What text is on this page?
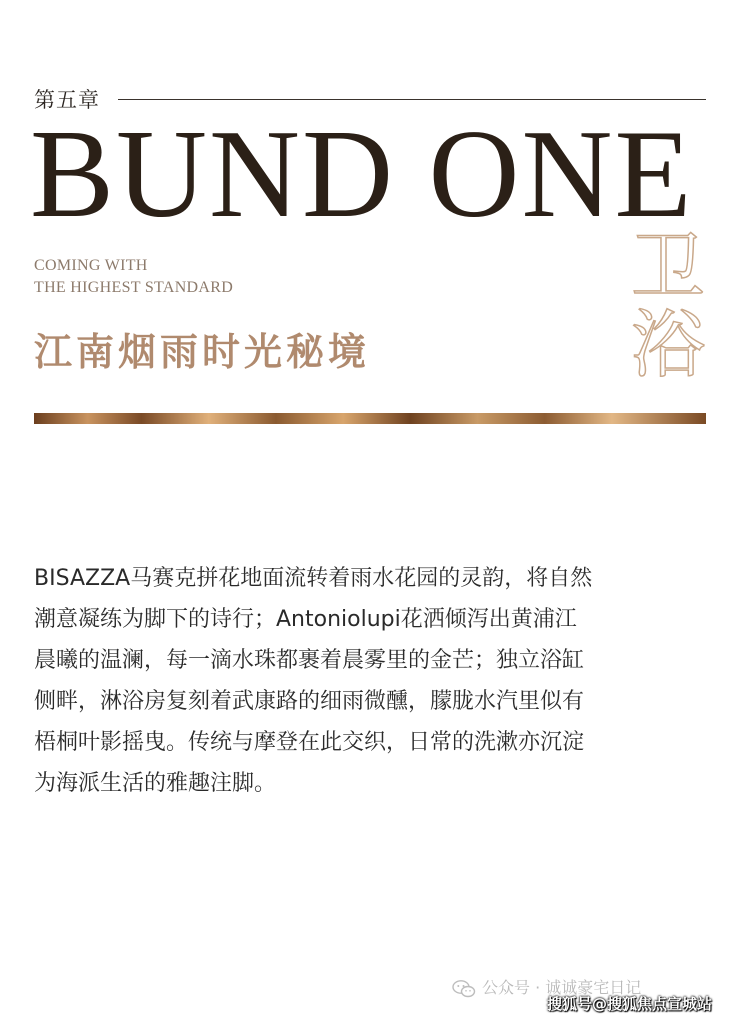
第五章
BUND ONE
COMING WITH
THE HIGHEST STANDARD
江南烟雨时光秘境
卫
浴
BISAZZA马赛克拼花地面流转着雨水花园的灵韵，将自然
潮意凝练为脚下的诗行；Antoniolupi花洒倾泻出黄浦江
晨曦的温澜，每一滴水珠都裹着晨雾里的金芒；独立浴缸
侧畔，淋浴房复刻着武康路的细雨微醺，朦胧水汽里似有
梧桐叶影摇曳。传统与摩登在此交织，日常的洗漱亦沉淀
为海派生活的雅趣注脚。
公众号 · 诚诚豪宅日记
搜狐号@搜狐焦点宣城站
